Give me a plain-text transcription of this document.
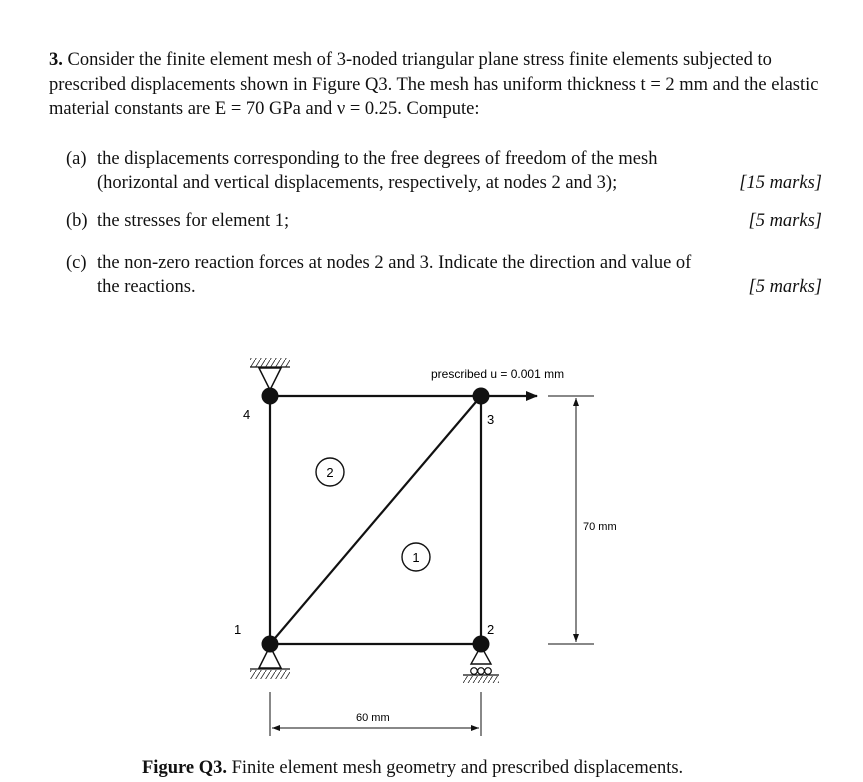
3. Consider the finite element mesh of 3-noded triangular plane stress finite elements subjected to prescribed displacements shown in Figure Q3. The mesh has uniform thickness t = 2 mm and the elastic material constants are E = 70 GPa and ν = 0.25. Compute:
(a) the displacements corresponding to the free degrees of freedom of the mesh (horizontal and vertical displacements, respectively, at nodes 2 and 3);	[15 marks]
(b) the stresses for element 1;	[5 marks]
(c) the non-zero reaction forces at nodes 2 and 3. Indicate the direction and value of the reactions.	[5 marks]
prescribed u = 0.001 mm
4
1
3
2
2
1
70 mm
60 mm
Figure Q3. Finite element mesh geometry and prescribed displacements.
